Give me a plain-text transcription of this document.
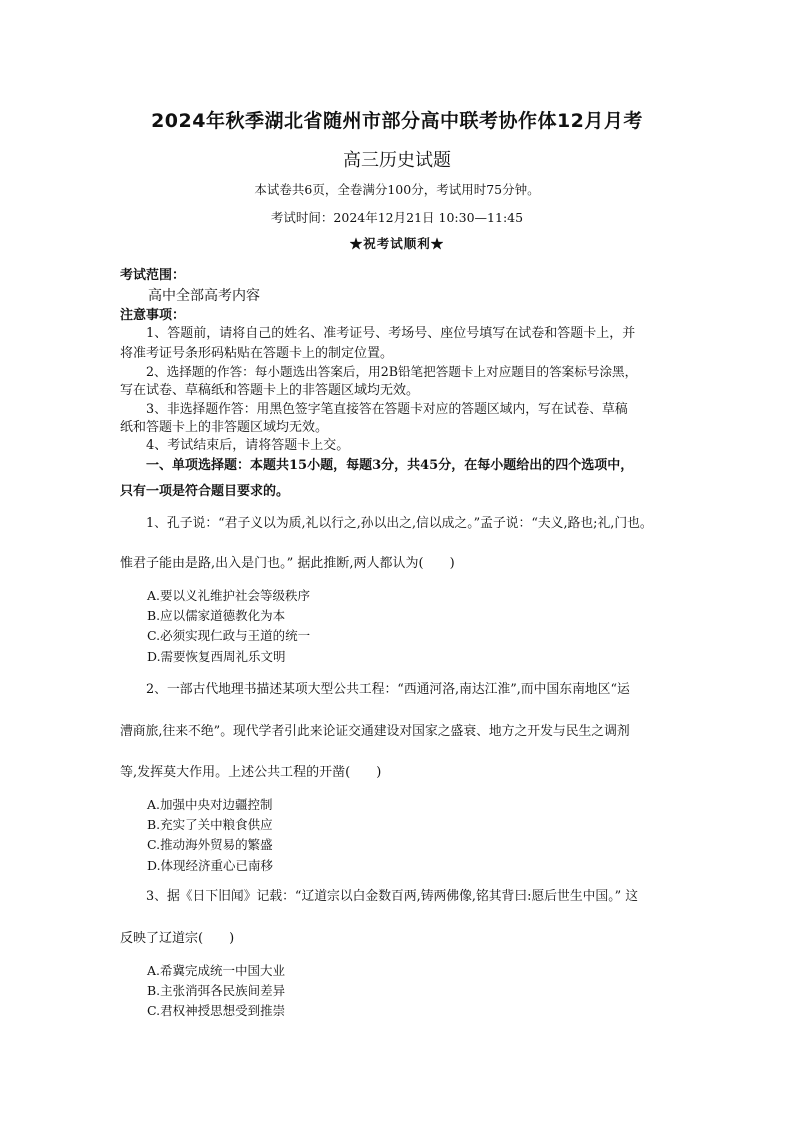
2024年秋季湖北省随州市部分高中联考协作体12月月考
高三历史试题
本试卷共6页，全卷满分100分，考试用时75分钟。
考试时间：2024年12月21日 10:30—11:45
★祝考试顺利★
考试范围：
高中全部高考内容
注意事项：
1、答题前，请将自己的姓名、准考证号、考场号、座位号填写在试卷和答题卡上，并
将准考证号条形码粘贴在答题卡上的制定位置。
2、选择题的作答：每小题选出答案后，用2B铅笔把答题卡上对应题目的答案标号涂黑，
写在试卷、草稿纸和答题卡上的非答题区域均无效。
3、非选择题作答：用黑色签字笔直接答在答题卡对应的答题区域内，写在试卷、草稿
纸和答题卡上的非答题区域均无效。
4、考试结束后，请将答题卡上交。
一、单项选择题：本题共15小题，每题3分，共45分，在每小题给出的四个选项中，
只有一项是符合题目要求的。
1、孔子说：“君子义以为质,礼以行之,孙以出之,信以成之。”孟子说：“夫义,路也;礼,门也。
惟君子能由是路,出入是门也。” 据此推断,两人都认为(　　)
A.要以义礼维护社会等级秩序
B.应以儒家道德教化为本
C.必须实现仁政与王道的统一
D.需要恢复西周礼乐文明
2、一部古代地理书描述某项大型公共工程：“西通河洛,南达江淮”,而中国东南地区“运
漕商旅,往来不绝”。现代学者引此来论证交通建设对国家之盛衰、地方之开发与民生之调剂
等,发挥莫大作用。上述公共工程的开凿(　　)
A.加强中央对边疆控制
B.充实了关中粮食供应
C.推动海外贸易的繁盛
D.体现经济重心已南移
3、据《日下旧闻》记载：“辽道宗以白金数百两,铸两佛像,铭其背曰:愿后世生中国。” 这
反映了辽道宗(　　)
A.希冀完成统一中国大业
B.主张消弭各民族间差异
C.君权神授思想受到推崇
